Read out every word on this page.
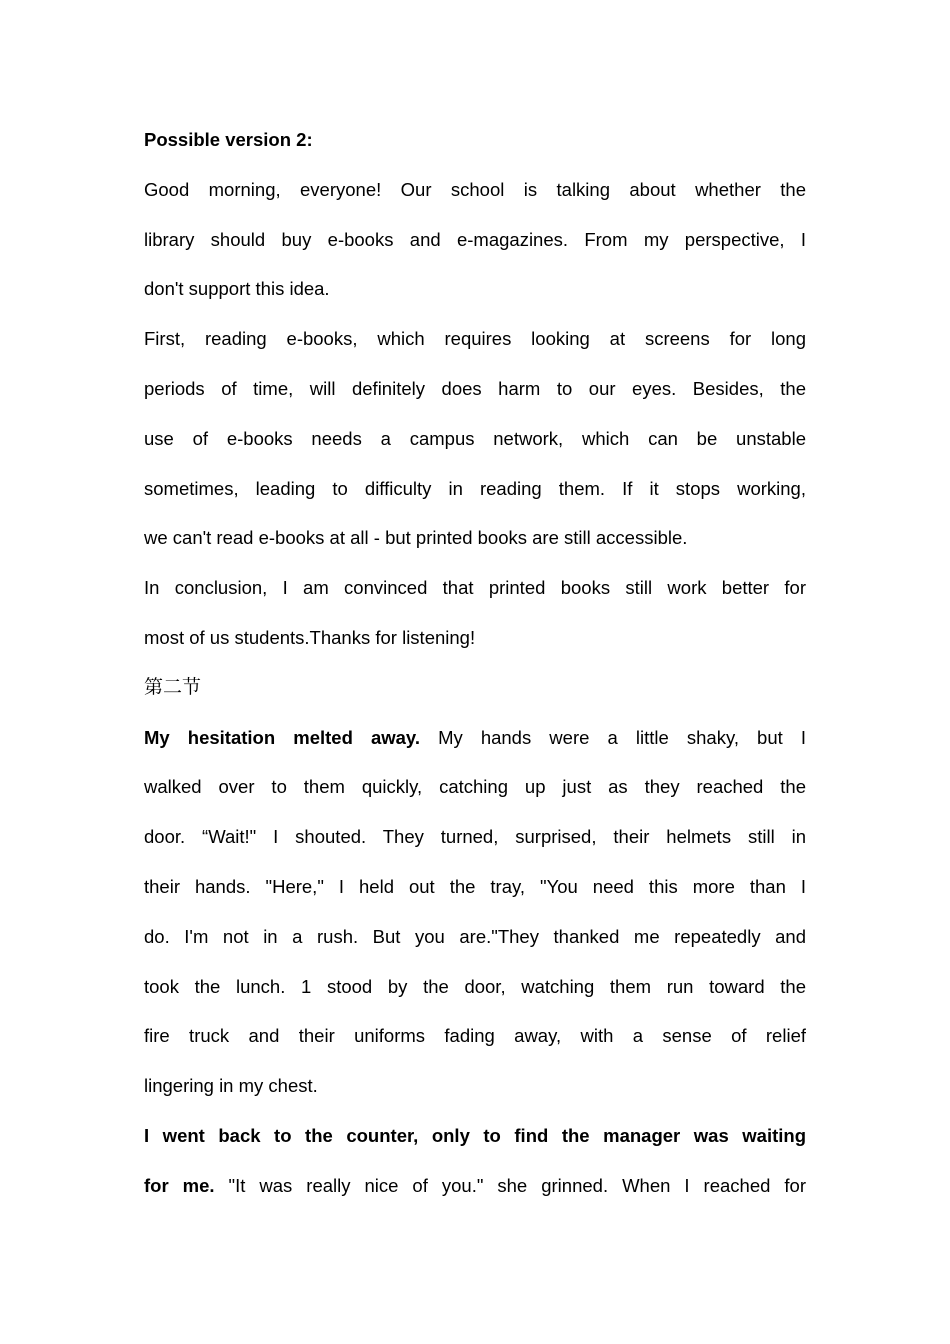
Possible version 2:
Good morning, everyone! Our school is talking about whether the
library should buy e-books and e-magazines. From my perspective, I
don't support this idea.
First, reading e-books, which requires looking at screens for long
periods of time, will definitely does harm to our eyes. Besides, the
use of e-books needs a campus network, which can be unstable
sometimes, leading to difficulty in reading them. If it stops working,
we can't read e-books at all - but printed books are still accessible.
In conclusion, I am convinced that printed books still work better for
most of us students.Thanks for listening!
第二节
My hesitation melted away. My hands were a little shaky, but I
walked over to them quickly, catching up just as they reached the
door. “Wait!" I shouted. They turned, surprised, their helmets still in
their hands. "Here," I held out the tray, "You need this more than I
do. I'm not in a rush. But you are."They thanked me repeatedly and
took the lunch. 1 stood by the door, watching them run toward the
fire truck and their uniforms fading away, with a sense of relief
lingering in my chest.
I went back to the counter, only to find the manager was waiting
for me. "It was really nice of you." she grinned. When I reached for
